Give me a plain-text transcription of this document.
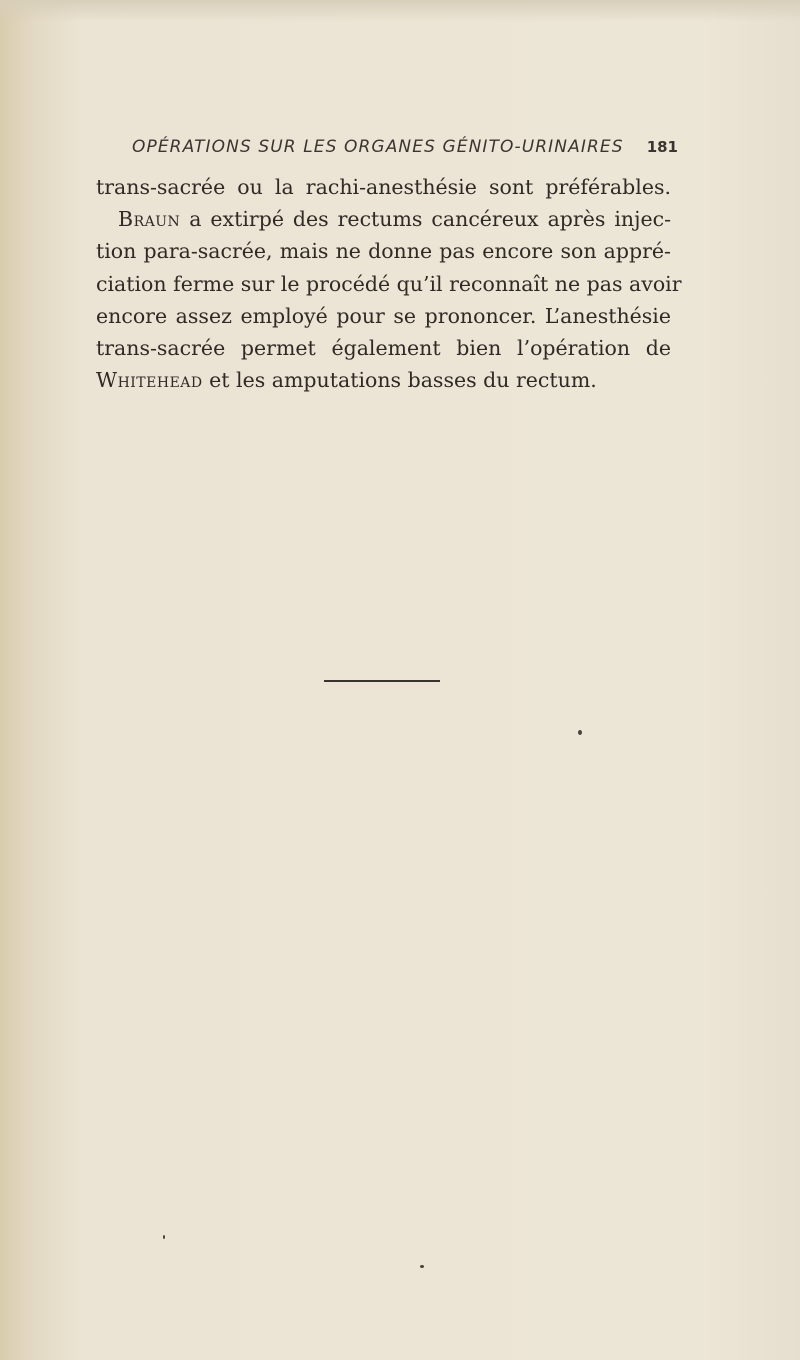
OPÉRATIONS SUR LES ORGANES GÉNITO-URINAIRES 181
trans-sacrée ou la rachi-anesthésie sont préférables.
Braun a extirpé des rectums cancéreux après injec-
tion para-sacrée, mais ne donne pas encore son appré-
ciation ferme sur le procédé qu’il reconnaît ne pas avoir
encore assez employé pour se prononcer. L’anesthésie
trans-sacrée permet également bien l’opération de
Whitehead et les amputations basses du rectum.
